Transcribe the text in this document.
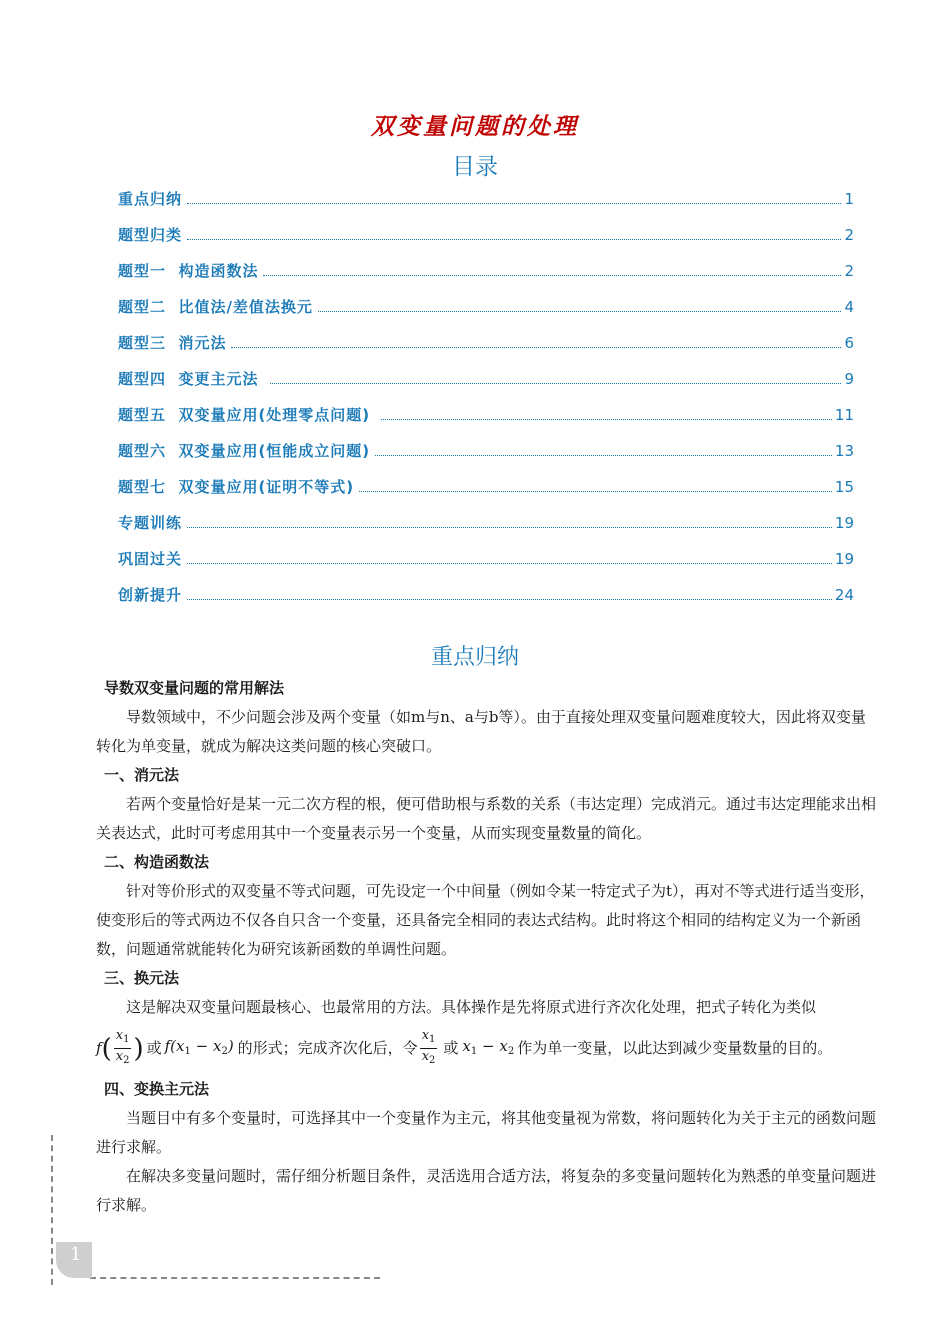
双变量问题的处理
目录
重点归纳	1
题型归类	2
题型一  构造函数法	2
题型二  比值法/差值法换元	4
题型三  消元法	6
题型四  变更主元法	9
题型五  双变量应用(处理零点问题)	11
题型六  双变量应用(恒能成立问题)	13
题型七  双变量应用(证明不等式)	15
专题训练	19
巩固过关	19
创新提升	24
重点归纳

导数双变量问题的常用解法

导数领域中，不少问题会涉及两个变量（如m与n、a与b等）。由于直接处理双变量问题难度较大，因此将双变量转化为单变量，就成为解决这类问题的核心突破口。

一、消元法

若两个变量恰好是某一元二次方程的根，便可借助根与系数的关系（韦达定理）完成消元。通过韦达定理能求出相关表达式，此时可考虑用其中一个变量表示另一个变量，从而实现变量数量的简化。

二、构造函数法

针对等价形式的双变量不等式问题，可先设定一个中间量（例如令某一特定式子为t），再对不等式进行适当变形，使变形后的等式两边不仅各自只含一个变量，还具备完全相同的表达式结构。此时将这个相同的结构定义为一个新函数，问题通常就能转化为研究该新函数的单调性问题。

三、换元法

这是解决双变量问题最核心、也最常用的方法。具体操作是先将原式进行齐次化处理，把式子转化为类似

f ( $\frac{x_1}{x_2}$ ) 或 $f(x_1 - x_2)$ 的形式；完成齐次化后，令 $\frac{x_1}{x_2}$ 或 $x_1 - x_2$ 作为单一变量，以此达到减少变量数量的目的。

四、变换主元法

当题目中有多个变量时，可选择其中一个变量作为主元，将其他变量视为常数，将问题转化为关于主元的函数问题进行求解。

在解决多变量问题时，需仔细分析题目条件，灵活选用合适方法，将复杂的多变量问题转化为熟悉的单变量问题进行求解。

1
